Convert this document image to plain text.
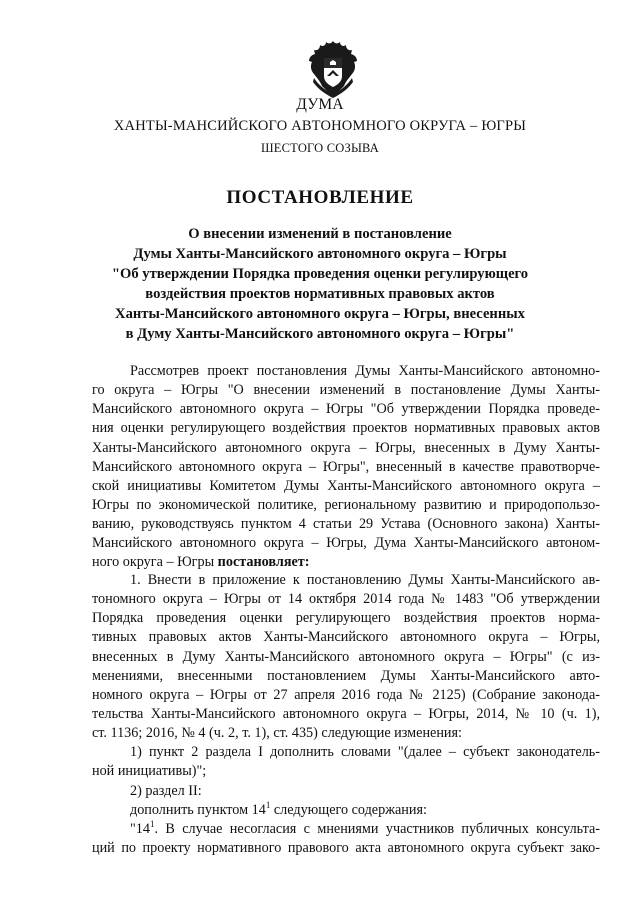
ДУМА
ХАНТЫ-МАНСИЙСКОГО АВТОНОМНОГО ОКРУГА – ЮГРЫ
ШЕСТОГО СОЗЫВА
ПОСТАНОВЛЕНИЕ
О внесении изменений в постановление
Думы Ханты-Мансийского автономного округа – Югры
"Об утверждении Порядка проведения оценки регулирующего
воздействия проектов нормативных правовых актов
Ханты-Мансийского автономного округа – Югры, внесенных
в Думу Ханты-Мансийского автономного округа – Югры"
Рассмотрев проект постановления Думы Ханты-Мансийского автономно-
го округа – Югры "О внесении изменений в постановление Думы Ханты-
Мансийского автономного округа – Югры "Об утверждении Порядка проведе-
ния оценки регулирующего воздействия проектов нормативных правовых актов
Ханты-Мансийского автономного округа – Югры, внесенных в Думу Ханты-
Мансийского автономного округа – Югры", внесенный в качестве правотворче-
ской инициативы Комитетом Думы Ханты-Мансийского автономного округа –
Югры по экономической политике, региональному развитию и природопользо-
ванию, руководствуясь пунктом 4 статьи 29 Устава (Основного закона) Ханты-
Мансийского автономного округа – Югры, Дума Ханты-Мансийского автоном-
ного округа – Югры постановляет:
1. Внести в приложение к постановлению Думы Ханты-Мансийского ав-
тономного округа – Югры от 14 октября 2014 года № 1483 "Об утверждении
Порядка проведения оценки регулирующего воздействия проектов норма-
тивных правовых актов Ханты-Мансийского автономного округа – Югры,
внесенных в Думу Ханты-Мансийского автономного округа – Югры" (с из-
менениями, внесенными постановлением Думы Ханты-Мансийского авто-
номного округа – Югры от 27 апреля 2016 года № 2125) (Собрание законода-
тельства Ханты-Мансийского автономного округа – Югры, 2014, № 10 (ч. 1),
ст. 1136; 2016, № 4 (ч. 2, т. 1), ст. 435) следующие изменения:
1) пункт 2 раздела I дополнить словами "(далее – субъект законодатель-
ной инициативы)";
2) раздел II:
дополнить пунктом $14^1$ следующего содержания:
"$14^1$. В случае несогласия с мнениями участников публичных консульта-
ций по проекту нормативного правового акта автономного округа субъект зако-
